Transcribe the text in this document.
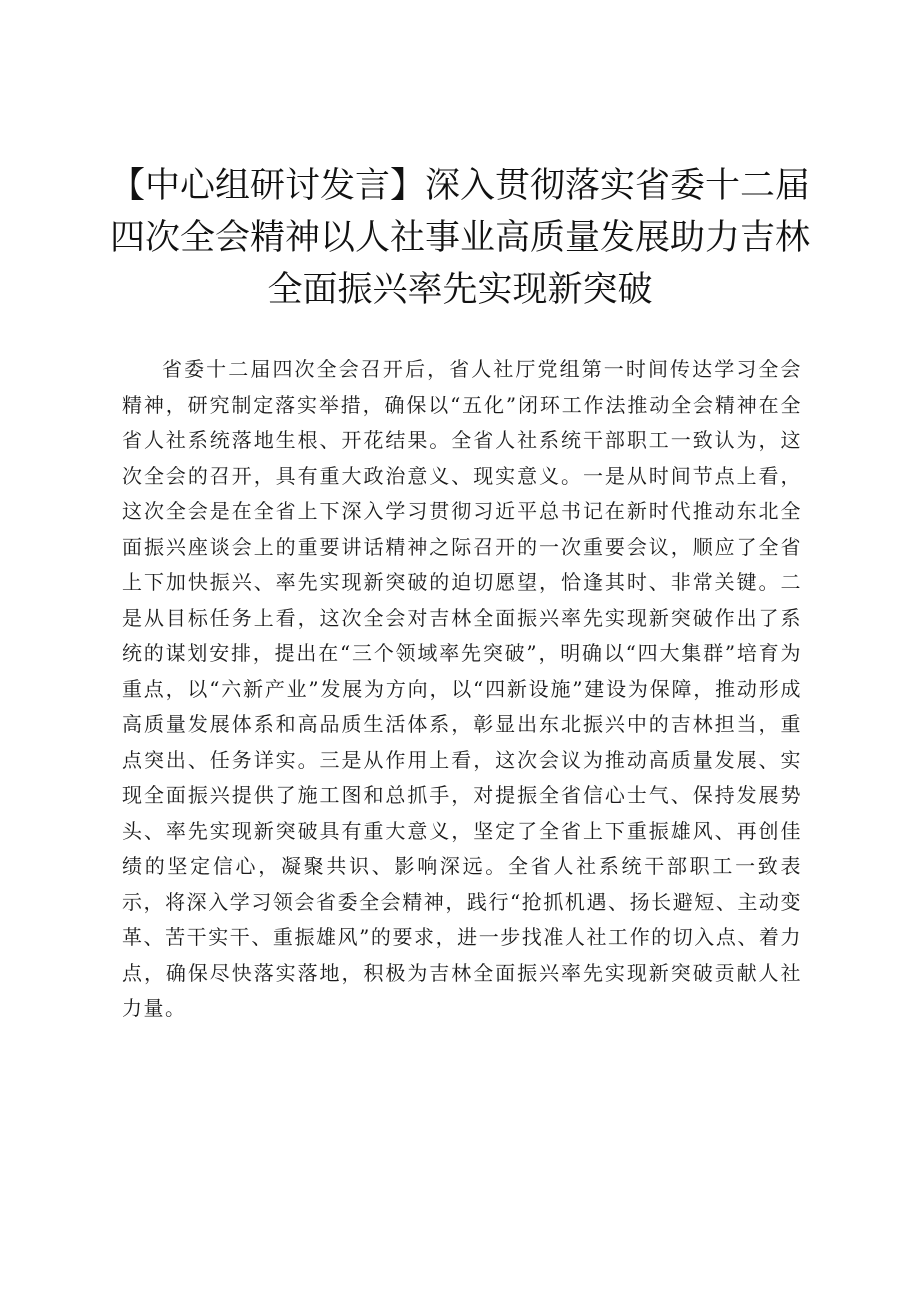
【中心组研讨发言】深入贯彻落实省委十二届
四次全会精神以人社事业高质量发展助力吉林
全面振兴率先实现新突破

省委十二届四次全会召开后，省人社厅党组第一时间传达学习全会精神，研究制定落实举措，确保以“五化”闭环工作法推动全会精神在全省人社系统落地生根、开花结果。全省人社系统干部职工一致认为，这次全会的召开，具有重大政治意义、现实意义。一是从时间节点上看，这次全会是在全省上下深入学习贯彻习近平总书记在新时代推动东北全面振兴座谈会上的重要讲话精神之际召开的一次重要会议，顺应了全省上下加快振兴、率先实现新突破的迫切愿望，恰逢其时、非常关键。二是从目标任务上看，这次全会对吉林全面振兴率先实现新突破作出了系统的谋划安排，提出在“三个领域率先突破”，明确以“四大集群”培育为重点，以“六新产业”发展为方向，以“四新设施”建设为保障，推动形成高质量发展体系和高品质生活体系，彰显出东北振兴中的吉林担当，重点突出、任务详实。三是从作用上看，这次会议为推动高质量发展、实现全面振兴提供了施工图和总抓手，对提振全省信心士气、保持发展势头、率先实现新突破具有重大意义，坚定了全省上下重振雄风、再创佳绩的坚定信心，凝聚共识、影响深远。全省人社系统干部职工一致表示，将深入学习领会省委全会精神，践行“抢抓机遇、扬长避短、主动变革、苦干实干、重振雄风”的要求，进一步找准人社工作的切入点、着力点，确保尽快落实落地，积极为吉林全面振兴率先实现新突破贡献人社力量。
